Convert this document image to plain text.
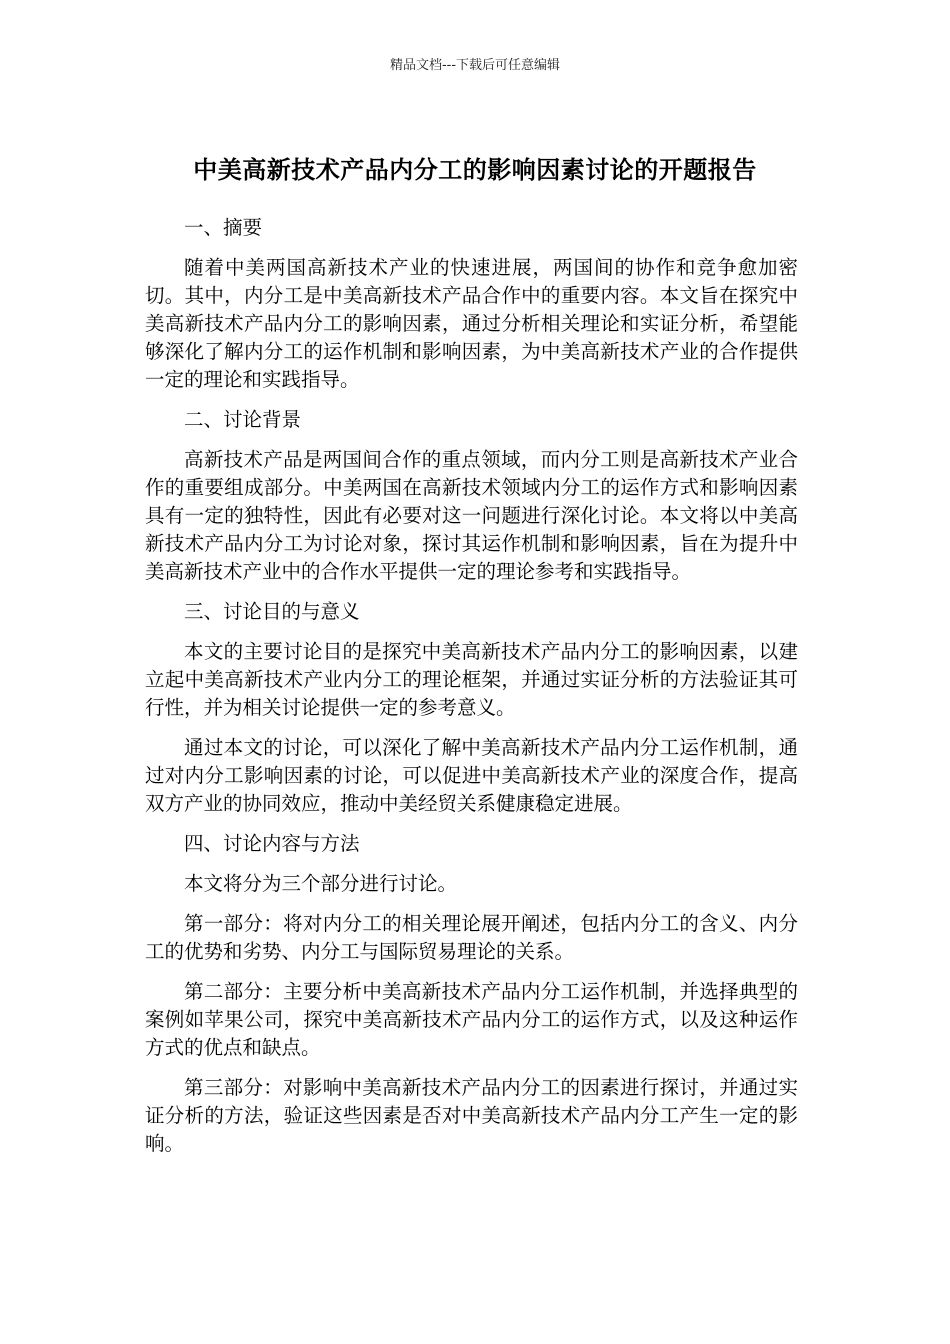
精品文档---下载后可任意编辑
中美高新技术产品内分工的影响因素讨论的开题报告

一、摘要

随着中美两国高新技术产业的快速进展，两国间的协作和竞争愈加密切。其中，内分工是中美高新技术产品合作中的重要内容。本文旨在探究中美高新技术产品内分工的影响因素，通过分析相关理论和实证分析，希望能够深化了解内分工的运作机制和影响因素，为中美高新技术产业的合作提供一定的理论和实践指导。

二、讨论背景

高新技术产品是两国间合作的重点领域，而内分工则是高新技术产业合作的重要组成部分。中美两国在高新技术领域内分工的运作方式和影响因素具有一定的独特性，因此有必要对这一问题进行深化讨论。本文将以中美高新技术产品内分工为讨论对象，探讨其运作机制和影响因素，旨在为提升中美高新技术产业中的合作水平提供一定的理论参考和实践指导。

三、讨论目的与意义

本文的主要讨论目的是探究中美高新技术产品内分工的影响因素，以建立起中美高新技术产业内分工的理论框架，并通过实证分析的方法验证其可行性，并为相关讨论提供一定的参考意义。

通过本文的讨论，可以深化了解中美高新技术产品内分工运作机制，通过对内分工影响因素的讨论，可以促进中美高新技术产业的深度合作，提高双方产业的协同效应，推动中美经贸关系健康稳定进展。

四、讨论内容与方法

本文将分为三个部分进行讨论。

第一部分：将对内分工的相关理论展开阐述，包括内分工的含义、内分工的优势和劣势、内分工与国际贸易理论的关系。

第二部分：主要分析中美高新技术产品内分工运作机制，并选择典型的案例如苹果公司，探究中美高新技术产品内分工的运作方式，以及这种运作方式的优点和缺点。

第三部分：对影响中美高新技术产品内分工的因素进行探讨，并通过实证分析的方法，验证这些因素是否对中美高新技术产品内分工产生一定的影响。
